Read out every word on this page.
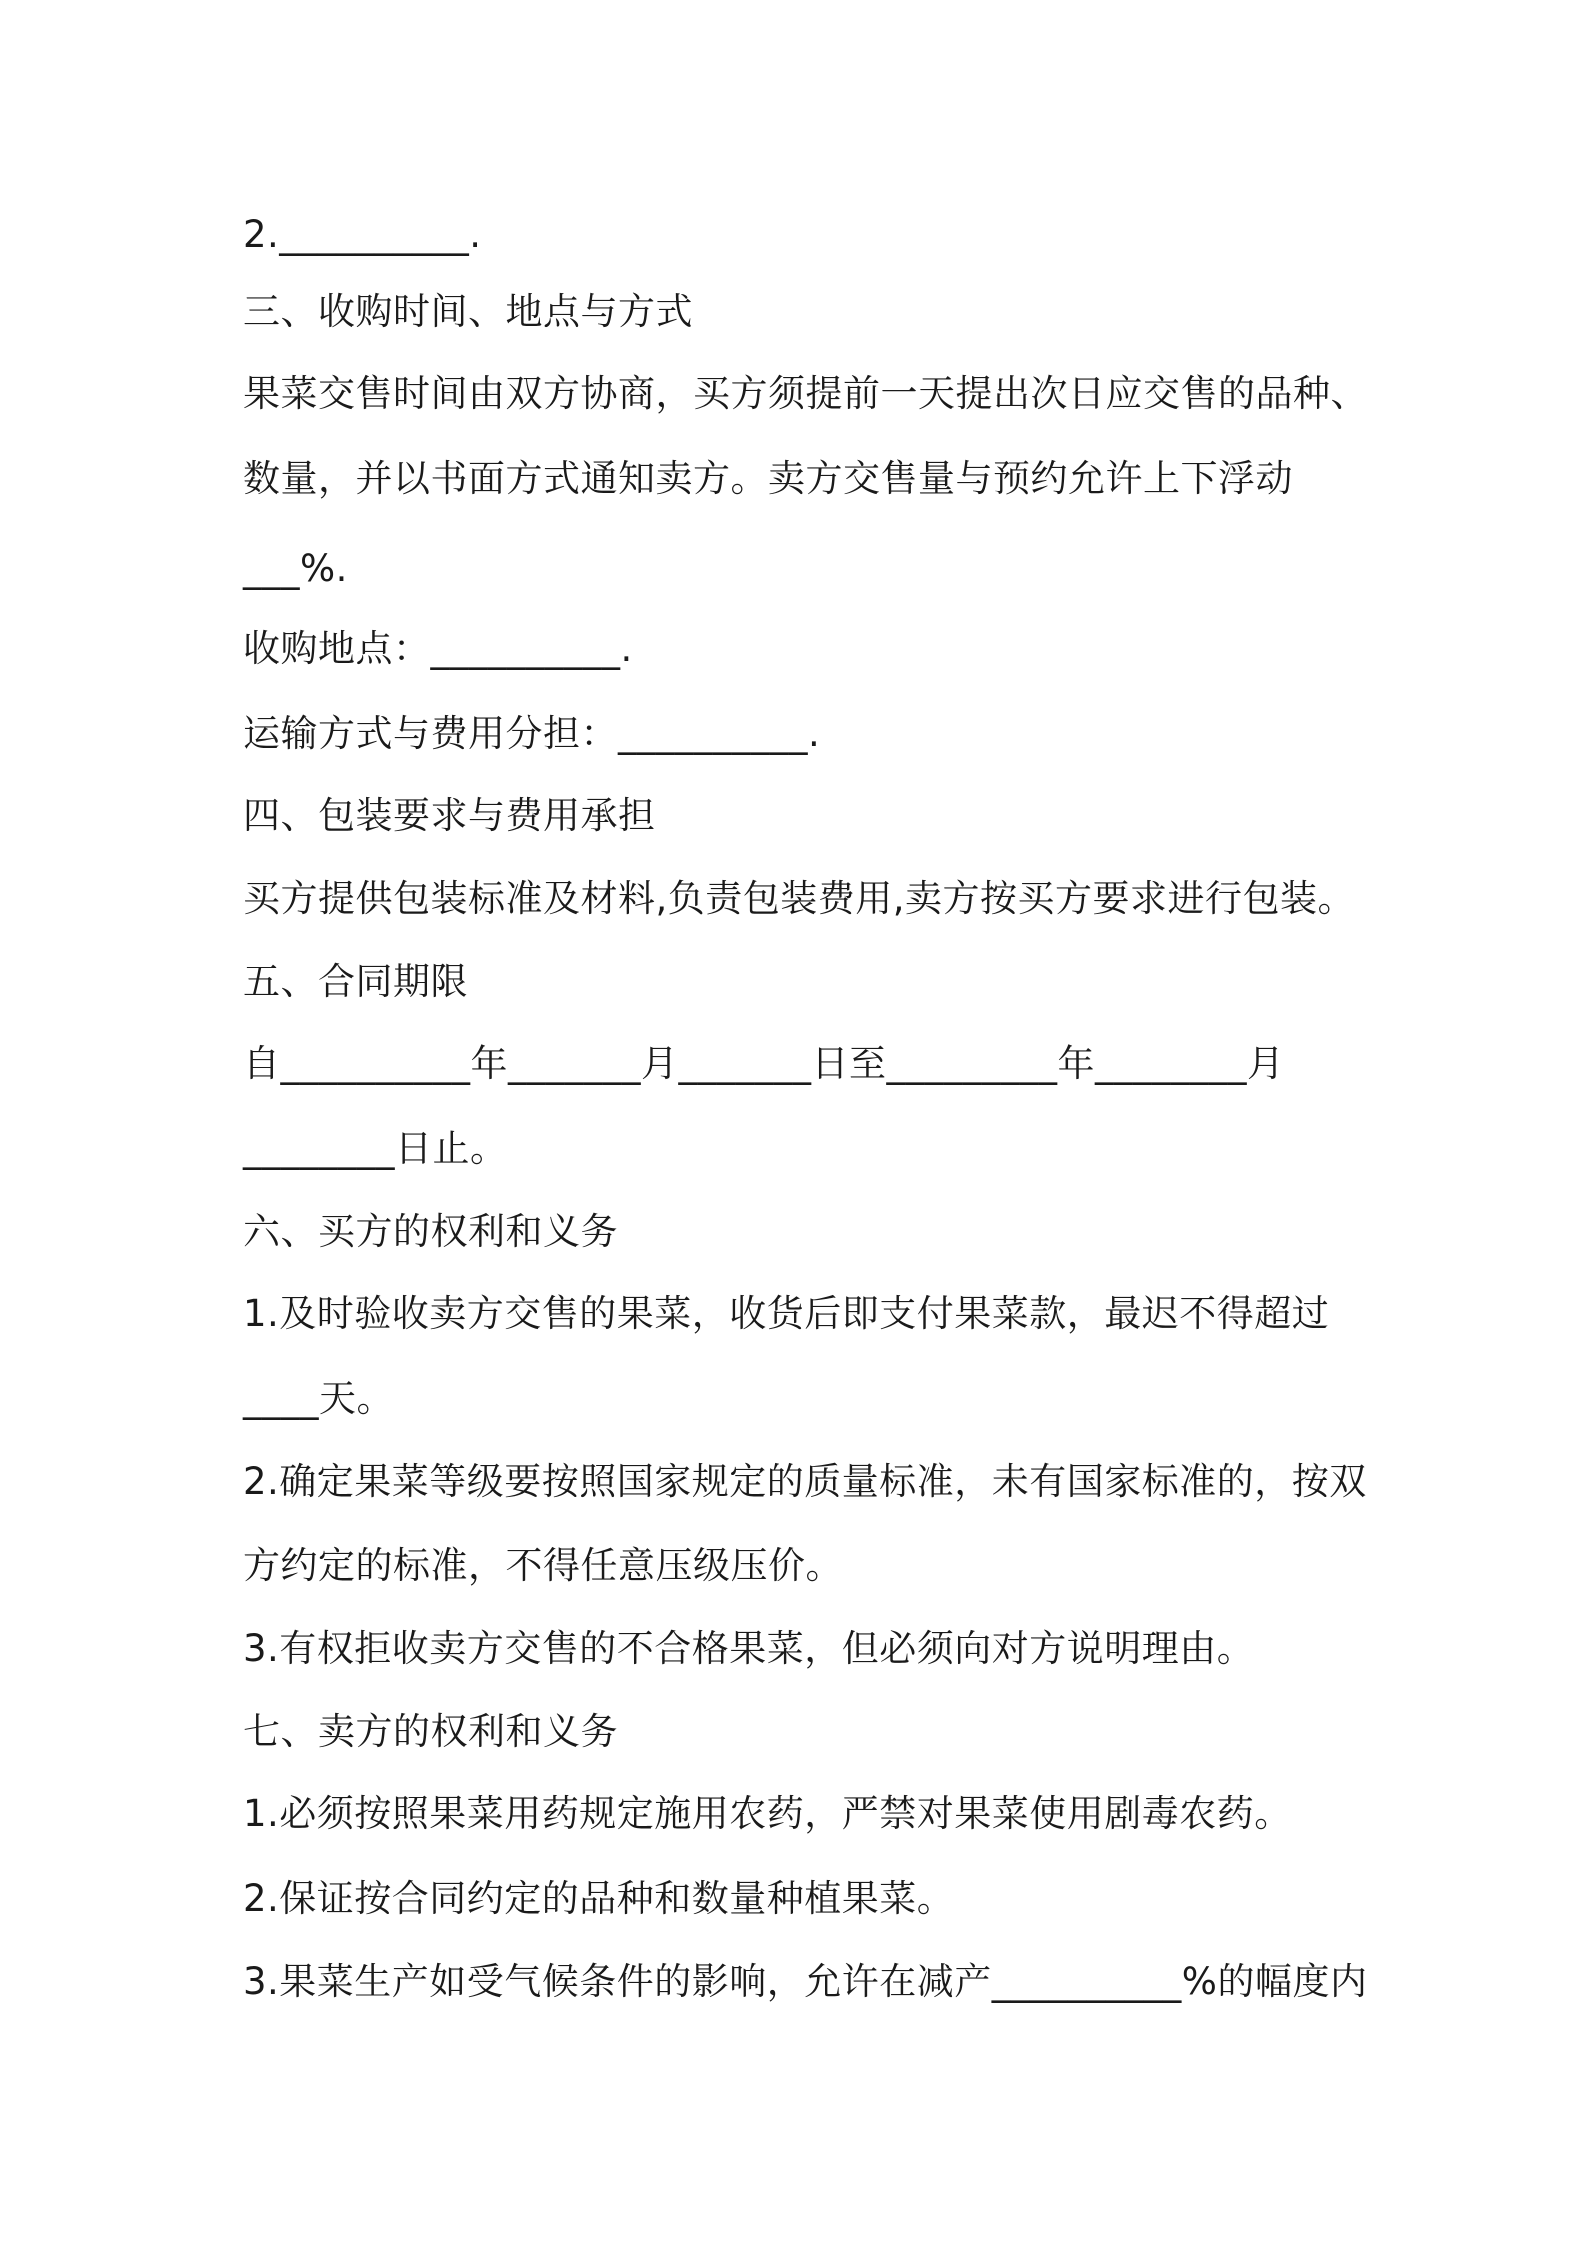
2.__________.
三、收购时间、地点与方式
果菜交售时间由双方协商，买方须提前一天提出次日应交售的品种、
数量，并以书面方式通知卖方。卖方交售量与预约允许上下浮动
___%.
收购地点：__________.
运输方式与费用分担：__________.
四、包装要求与费用承担
买方提供包装标准及材料,负责包装费用,卖方按买方要求进行包装。
五、合同期限
自__________年_______月_______日至_________年________月
________日止。
六、买方的权利和义务
1.及时验收卖方交售的果菜，收货后即支付果菜款，最迟不得超过
____天。
2.确定果菜等级要按照国家规定的质量标准，未有国家标准的，按双
方约定的标准，不得任意压级压价。
3.有权拒收卖方交售的不合格果菜，但必须向对方说明理由。
七、卖方的权利和义务
1.必须按照果菜用药规定施用农药，严禁对果菜使用剧毒农药。
2.保证按合同约定的品种和数量种植果菜。
3.果菜生产如受气候条件的影响，允许在减产__________%的幅度内
